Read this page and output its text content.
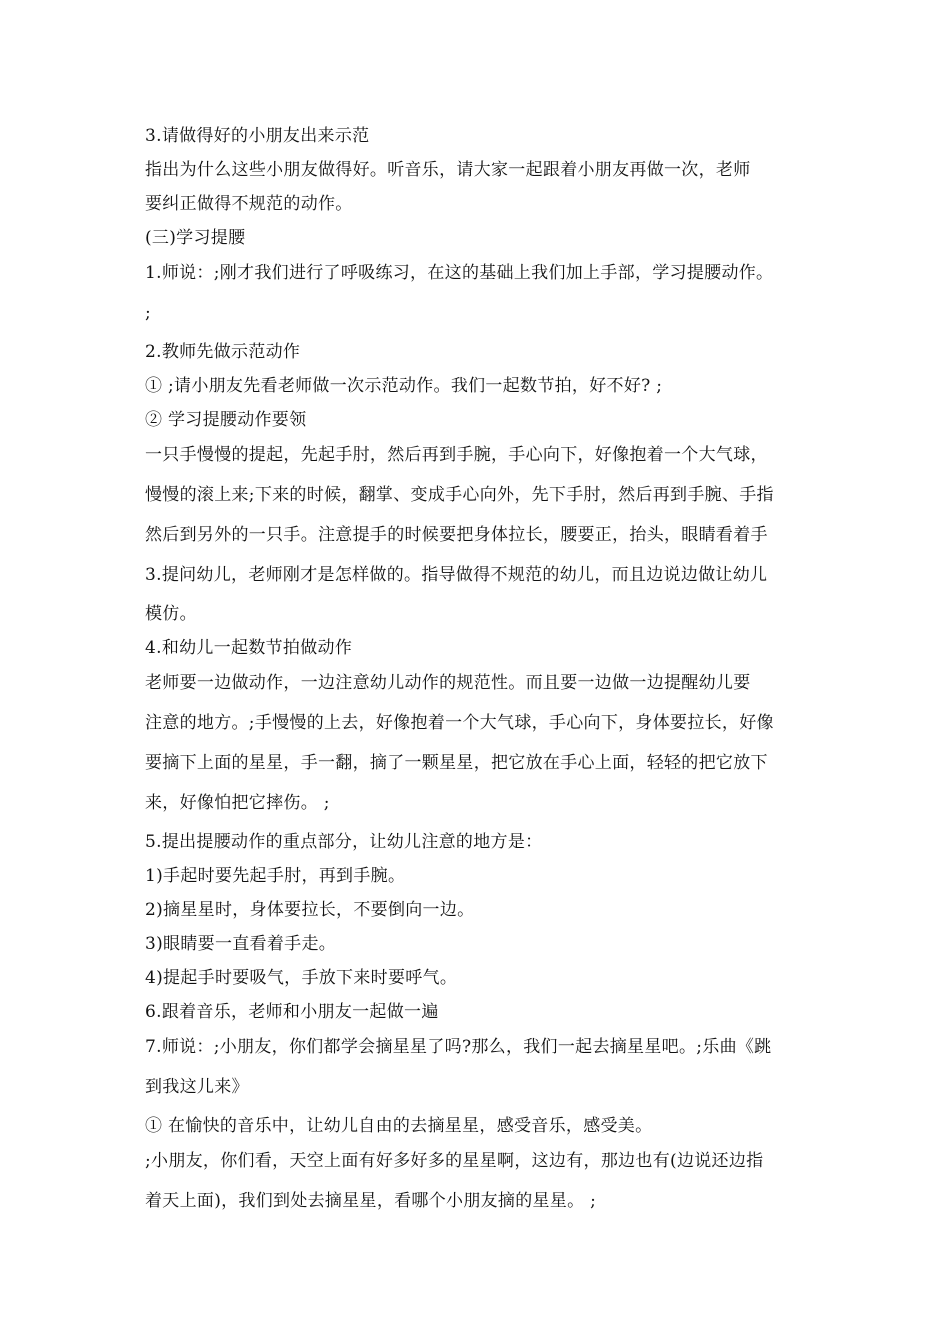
3.请做得好的小朋友出来示范
指出为什么这些小朋友做得好。听音乐，请大家一起跟着小朋友再做一次，老师
要纠正做得不规范的动作。
(三)学习提腰
1.师说：;刚才我们进行了呼吸练习，在这的基础上我们加上手部，学习提腰动作。
;
2.教师先做示范动作
① ;请小朋友先看老师做一次示范动作。我们一起数节拍，好不好? ;
② 学习提腰动作要领
一只手慢慢的提起，先起手肘，然后再到手腕，手心向下，好像抱着一个大气球，
慢慢的滚上来;下来的时候，翻掌、变成手心向外，先下手肘，然后再到手腕、手指
然后到另外的一只手。注意提手的时候要把身体拉长，腰要正，抬头，眼睛看着手
3.提问幼儿，老师刚才是怎样做的。指导做得不规范的幼儿，而且边说边做让幼儿
模仿。
4.和幼儿一起数节拍做动作
老师要一边做动作，一边注意幼儿动作的规范性。而且要一边做一边提醒幼儿要
注意的地方。;手慢慢的上去，好像抱着一个大气球，手心向下，身体要拉长，好像
要摘下上面的星星，手一翻，摘了一颗星星，把它放在手心上面，轻轻的把它放下
来，好像怕把它摔伤。 ;
5.提出提腰动作的重点部分，让幼儿注意的地方是：
1)手起时要先起手肘，再到手腕。
2)摘星星时，身体要拉长，不要倒向一边。
3)眼睛要一直看着手走。
4)提起手时要吸气，手放下来时要呼气。
6.跟着音乐，老师和小朋友一起做一遍
7.师说：;小朋友，你们都学会摘星星了吗?那么，我们一起去摘星星吧。;乐曲《跳
到我这儿来》
① 在愉快的音乐中，让幼儿自由的去摘星星，感受音乐，感受美。
;小朋友，你们看，天空上面有好多好多的星星啊，这边有，那边也有(边说还边指
着天上面)，我们到处去摘星星，看哪个小朋友摘的星星。 ;
